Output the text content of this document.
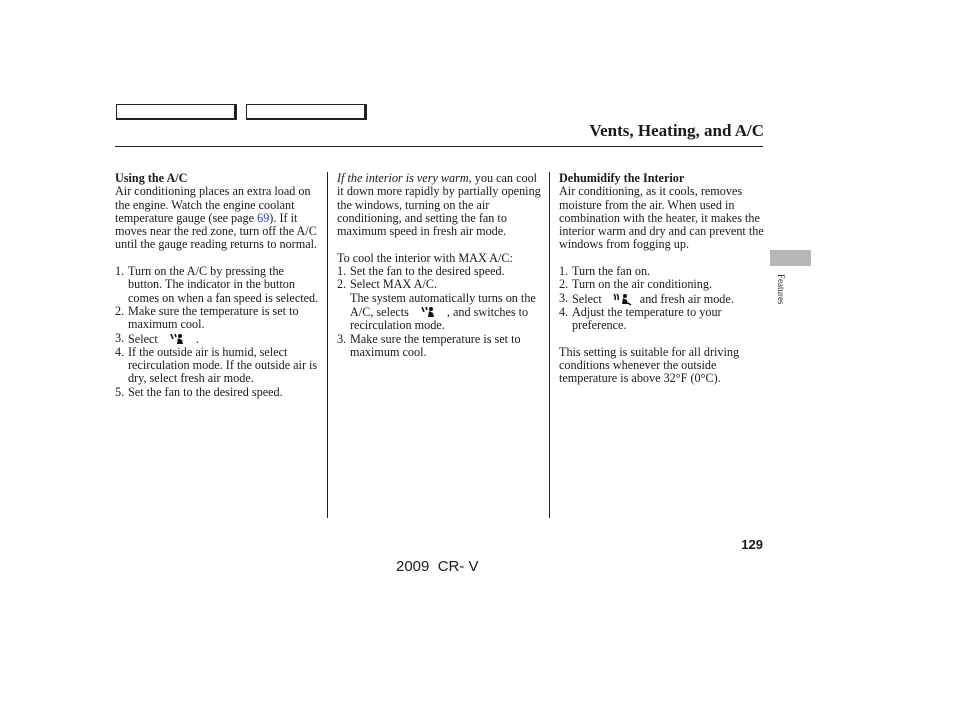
Vents, Heating, and A/C

Using the A/C

Air conditioning places an extra load on the engine. Watch the engine coolant temperature gauge (see page 69). If it moves near the red zone, turn off the A/C until the gauge reading returns to normal.

1. Turn on the A/C by pressing the button. The indicator in the button comes on when a fan speed is selected.
2. Make sure the temperature is set to maximum cool.
3. Select	.
4. If the outside air is humid, select recirculation mode. If the outside air is dry, select fresh air mode.
5. Set the fan to the desired speed.

If the interior is very warm, you can cool it down more rapidly by partially opening the windows, turning on the air conditioning, and setting the fan to maximum speed in fresh air mode.

To cool the interior with MAX A/C:

1. Set the fan to the desired speed.
2. Select MAX A/C.
The system automatically turns on the A/C, selects	, and switches to recirculation mode.
3. Make sure the temperature is set to maximum cool.

Dehumidify the Interior

Air conditioning, as it cools, removes moisture from the air. When used in combination with the heater, it makes the interior warm and dry and can prevent the windows from fogging up.

1. Turn the fan on.
2. Turn on the air conditioning.
3. Select	and fresh air mode.
4. Adjust the temperature to your preference.

This setting is suitable for all driving conditions whenever the outside temperature is above 32°F (0°C).

Features
129
2009  CR- V
